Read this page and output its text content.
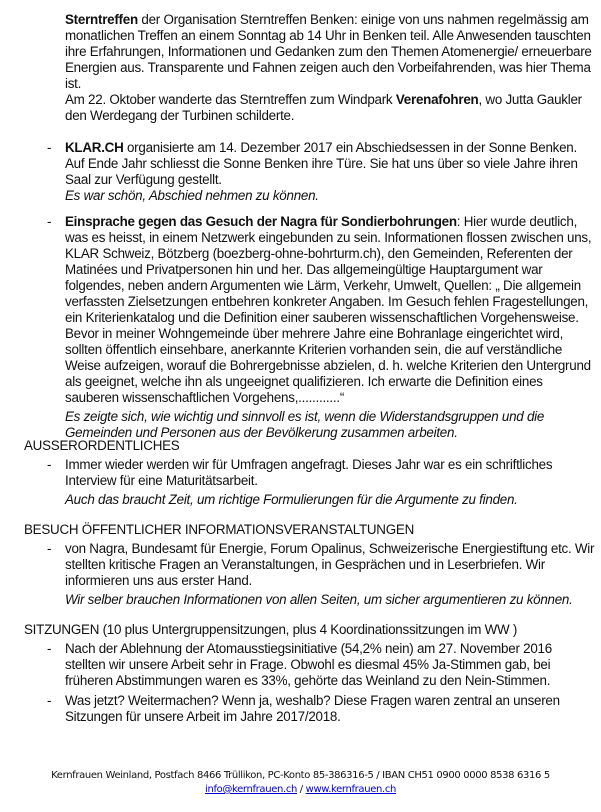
Sterntreffen der Organisation Sterntreffen Benken: einige von uns nahmen regelmässig am monatlichen Treffen an einem Sonntag ab 14 Uhr in Benken teil. Alle Anwesenden tauschten ihre Erfahrungen, Informationen und Gedanken zum den Themen Atomenergie/ erneuerbare Energien aus. Transparente und Fahnen zeigen auch den Vorbeifahrenden, was hier Thema ist.
Am 22. Oktober wanderte das Sterntreffen zum Windpark Verenafohren, wo Jutta Gaukler den Werdegang der Turbinen schilderte.
- KLAR.CH organisierte am 14. Dezember 2017 ein Abschiedsessen in der Sonne Benken. Auf Ende Jahr schliesst die Sonne Benken ihre Türe. Sie hat uns über so viele Jahre ihren Saal zur Verfügung gestellt.
Es war schön, Abschied nehmen zu können.
- Einsprache gegen das Gesuch der Nagra für Sondierbohrungen: Hier wurde deutlich, was es heisst, in einem Netzwerk eingebunden zu sein. Informationen flossen zwischen uns, KLAR Schweiz, Bötzberg (boezberg-ohne-bohrturm.ch), den Gemeinden, Referenten der Matinées und Privatpersonen hin und her. Das allgemeingültige Hauptargument war folgendes, neben andern Argumenten wie Lärm, Verkehr, Umwelt, Quellen: „ Die allgemein verfassten Zielsetzungen entbehren konkreter Angaben. Im Gesuch fehlen Fragestellungen, ein Kriterienkatalog und die Definition einer sauberen wissenschaftlichen Vorgehensweise. Bevor in meiner Wohngemeinde über mehrere Jahre eine Bohranlage eingerichtet wird, sollten öffentlich einsehbare, anerkannte Kriterien vorhanden sein, die auf verständliche Weise aufzeigen, worauf die Bohrergebnisse abzielen, d. h. welche Kriterien den Untergrund als geeignet, welche ihn als ungeeignet qualifizieren. Ich erwarte die Definition eines sauberen wissenschaftlichen Vorgehens,............“
Es zeigte sich, wie wichtig und sinnvoll es ist, wenn die Widerstandsgruppen und die Gemeinden und Personen aus der Bevölkerung zusammen arbeiten.
AUSSERORDENTLICHES
- Immer wieder werden wir für Umfragen angefragt. Dieses Jahr war es ein schriftliches Interview für eine Maturitätsarbeit.
Auch das braucht Zeit, um richtige Formulierungen für die Argumente zu finden.
BESUCH ÖFFENTLICHER INFORMATIONSVERANSTALTUNGEN
- von Nagra, Bundesamt für Energie, Forum Opalinus, Schweizerische Energiestiftung etc. Wir stellten kritische Fragen an Veranstaltungen, in Gesprächen und in Leserbriefen. Wir informieren uns aus erster Hand.
Wir selber brauchen Informationen von allen Seiten, um sicher argumentieren zu können.
SITZUNGEN (10 plus Untergruppensitzungen, plus 4 Koordinationssitzungen im WW )
- Nach der Ablehnung der Atomausstiegsinitiative (54,2% nein) am 27. November 2016 stellten wir unsere Arbeit sehr in Frage. Obwohl es diesmal 45% Ja-Stimmen gab, bei früheren Abstimmungen waren es 33%, gehörte das Weinland zu den Nein-Stimmen.
- Was jetzt? Weitermachen? Wenn ja, weshalb? Diese Fragen waren zentral an unseren Sitzungen für unsere Arbeit im Jahre 2017/2018.
Kernfrauen Weinland, Postfach 8466 Trüllikon, PC-Konto 85-386316-5 / IBAN CH51 0900 0000 8538 6316 5
info@kernfrauen.ch / www.kernfrauen.ch
